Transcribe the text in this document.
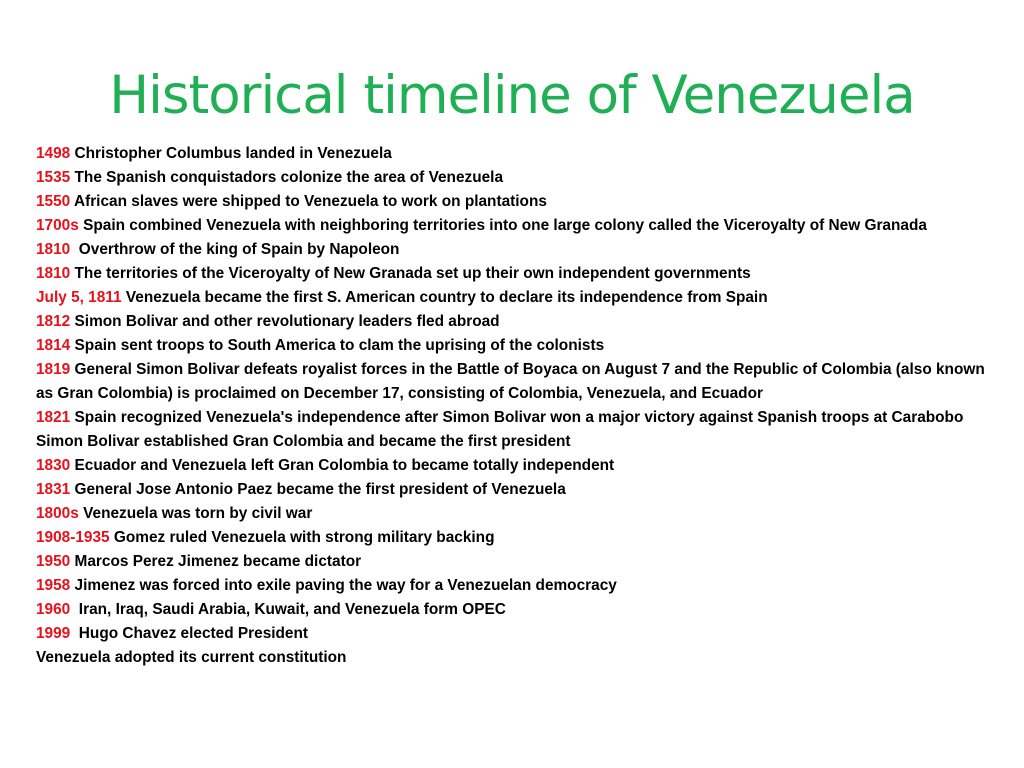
Historical timeline of Venezuela
1498 Christopher Columbus landed in Venezuela
1535 The Spanish conquistadors colonize the area of Venezuela
1550 African slaves were shipped to Venezuela to work on plantations
1700s Spain combined Venezuela with neighboring territories into one large colony called the Viceroyalty of New Granada
1810  Overthrow of the king of Spain by Napoleon
1810 The territories of the Viceroyalty of New Granada set up their own independent governments
July 5, 1811 Venezuela became the first S. American country to declare its independence from Spain
1812 Simon Bolivar and other revolutionary leaders fled abroad
1814 Spain sent troops to South America to clam the uprising of the colonists
1819 General Simon Bolivar defeats royalist forces in the Battle of Boyaca on August 7 and the Republic of Colombia (also known as Gran Colombia) is proclaimed on December 17, consisting of Colombia, Venezuela, and Ecuador
1821 Spain recognized Venezuela's independence after Simon Bolivar won a major victory against Spanish troops at Carabobo
Simon Bolivar established Gran Colombia and became the first president
1830 Ecuador and Venezuela left Gran Colombia to became totally independent
1831 General Jose Antonio Paez became the first president of Venezuela
1800s Venezuela was torn by civil war
1908-1935 Gomez ruled Venezuela with strong military backing
1950 Marcos Perez Jimenez became dictator
1958 Jimenez was forced into exile paving the way for a Venezuelan democracy
1960  Iran, Iraq, Saudi Arabia, Kuwait, and Venezuela form OPEC
1999  Hugo Chavez elected President
Venezuela adopted its current constitution
